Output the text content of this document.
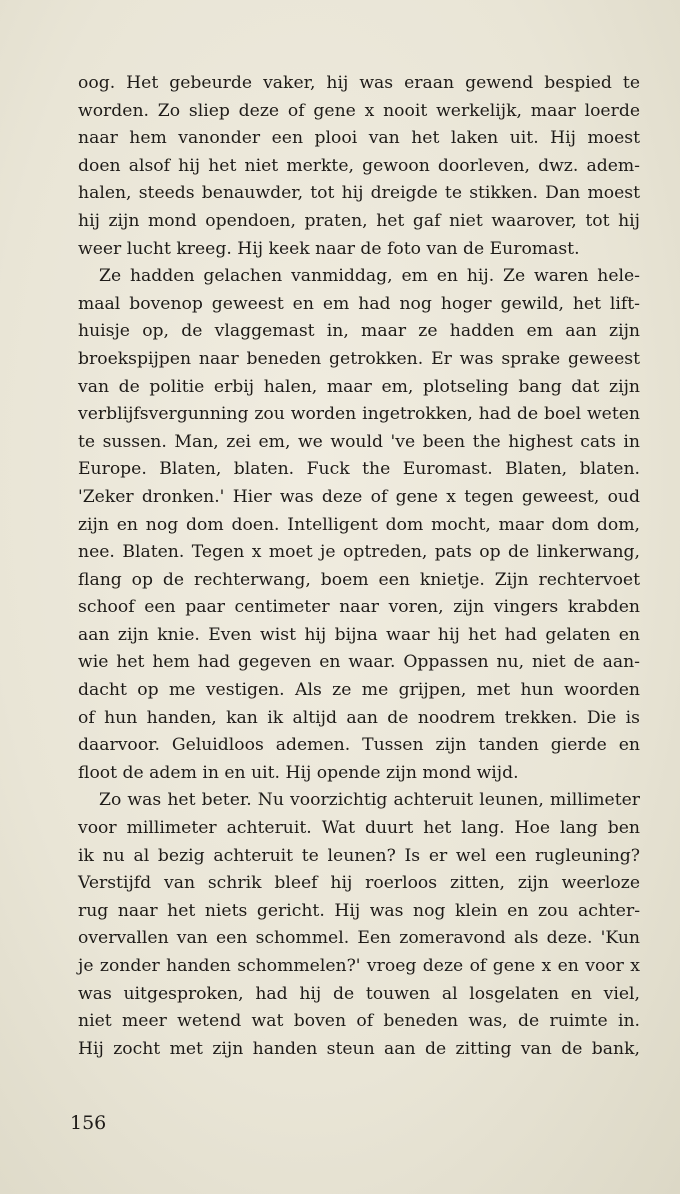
oog. Het gebeurde vaker, hij was eraan gewend bespied te
worden. Zo sliep deze of gene x nooit werkelijk, maar loerde
naar hem vanonder een plooi van het laken uit. Hij moest
doen alsof hij het niet merkte, gewoon doorleven, dwz. adem-
halen, steeds benauwder, tot hij dreigde te stikken. Dan moest
hij zijn mond opendoen, praten, het gaf niet waarover, tot hij
weer lucht kreeg. Hij keek naar de foto van de Euromast.
Ze hadden gelachen vanmiddag, em en hij. Ze waren hele-
maal bovenop geweest en em had nog hoger gewild, het lift-
huisje op, de vlaggemast in, maar ze hadden em aan zijn
broekspijpen naar beneden getrokken. Er was sprake geweest
van de politie erbij halen, maar em, plotseling bang dat zijn
verblijfsvergunning zou worden ingetrokken, had de boel weten
te sussen. Man, zei em, we would 've been the highest cats in
Europe. Blaten, blaten. Fuck the Euromast. Blaten, blaten.
'Zeker dronken.' Hier was deze of gene x tegen geweest, oud
zijn en nog dom doen. Intelligent dom mocht, maar dom dom,
nee. Blaten. Tegen x moet je optreden, pats op de linkerwang,
flang op de rechterwang, boem een knietje. Zijn rechtervoet
schoof een paar centimeter naar voren, zijn vingers krabden
aan zijn knie. Even wist hij bijna waar hij het had gelaten en
wie het hem had gegeven en waar. Oppassen nu, niet de aan-
dacht op me vestigen. Als ze me grijpen, met hun woorden
of hun handen, kan ik altijd aan de noodrem trekken. Die is
daarvoor. Geluidloos ademen. Tussen zijn tanden gierde en
floot de adem in en uit. Hij opende zijn mond wijd.
Zo was het beter. Nu voorzichtig achteruit leunen, millimeter
voor millimeter achteruit. Wat duurt het lang. Hoe lang ben
ik nu al bezig achteruit te leunen? Is er wel een rugleuning?
Verstijfd van schrik bleef hij roerloos zitten, zijn weerloze
rug naar het niets gericht. Hij was nog klein en zou achter-
overvallen van een schommel. Een zomeravond als deze. 'Kun
je zonder handen schommelen?' vroeg deze of gene x en voor x
was uitgesproken, had hij de touwen al losgelaten en viel,
niet meer wetend wat boven of beneden was, de ruimte in.
Hij zocht met zijn handen steun aan de zitting van de bank,
156
